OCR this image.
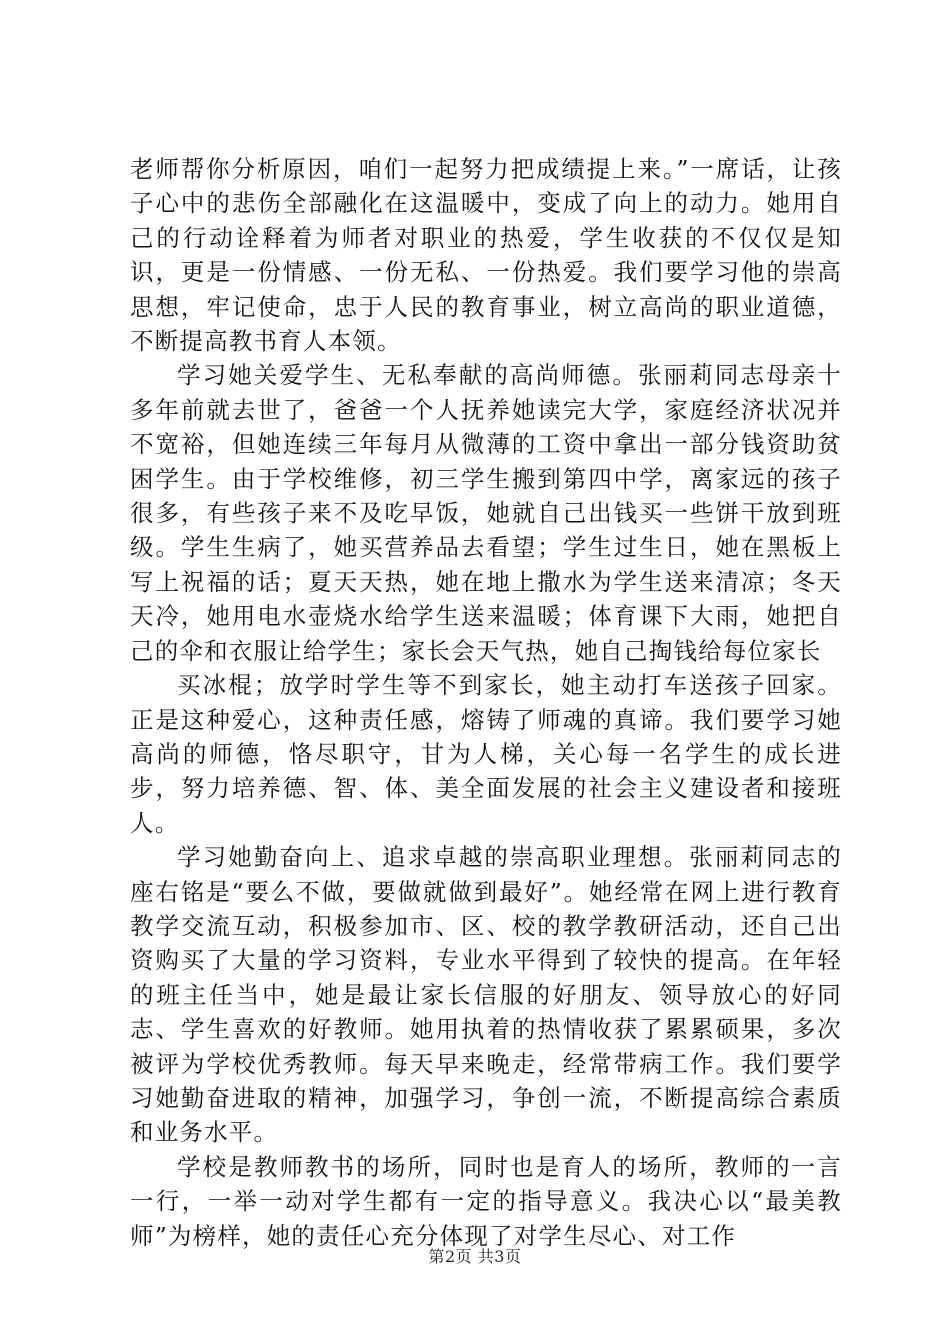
老师帮你分析原因，咱们一起努力把成绩提上来。”一席话，让孩子心中的悲伤全部融化在这温暖中，变成了向上的动力。她用自己的行动诠释着为师者对职业的热爱，学生收获的不仅仅是知识，更是一份情感、一份无私、一份热爱。我们要学习他的崇高思想，牢记使命，忠于人民的教育事业，树立高尚的职业道德，不断提高教书育人本领。

学习她关爱学生、无私奉献的高尚师德。张丽莉同志母亲十多年前就去世了，爸爸一个人抚养她读完大学，家庭经济状况并不宽裕，但她连续三年每月从微薄的工资中拿出一部分钱资助贫困学生。由于学校维修，初三学生搬到第四中学，离家远的孩子很多，有些孩子来不及吃早饭，她就自己出钱买一些饼干放到班级。学生生病了，她买营养品去看望；学生过生日，她在黑板上写上祝福的话；夏天天热，她在地上撒水为学生送来清凉；冬天天冷，她用电水壶烧水给学生送来温暖；体育课下大雨，她把自己的伞和衣服让给学生；家长会天气热，她自己掏钱给每位家长

买冰棍；放学时学生等不到家长，她主动打车送孩子回家。正是这种爱心，这种责任感，熔铸了师魂的真谛。我们要学习她高尚的师德，恪尽职守，甘为人梯，关心每一名学生的成长进步，努力培养德、智、体、美全面发展的社会主义建设者和接班人。

学习她勤奋向上、追求卓越的崇高职业理想。张丽莉同志的座右铭是“要么不做，要做就做到最好”。她经常在网上进行教育教学交流互动，积极参加市、区、校的教学教研活动，还自己出资购买了大量的学习资料，专业水平得到了较快的提高。在年轻的班主任当中，她是最让家长信服的好朋友、领导放心的好同志、学生喜欢的好教师。她用执着的热情收获了累累硕果，多次被评为学校优秀教师。每天早来晚走，经常带病工作。我们要学习她勤奋进取的精神，加强学习，争创一流，不断提高综合素质和业务水平。

学校是教师教书的场所，同时也是育人的场所，教师的一言一行，一举一动对学生都有一定的指导意义。我决心以“最美教师”为榜样，她的责任心充分体现了对学生尽心、对工作

第2页 共3页
